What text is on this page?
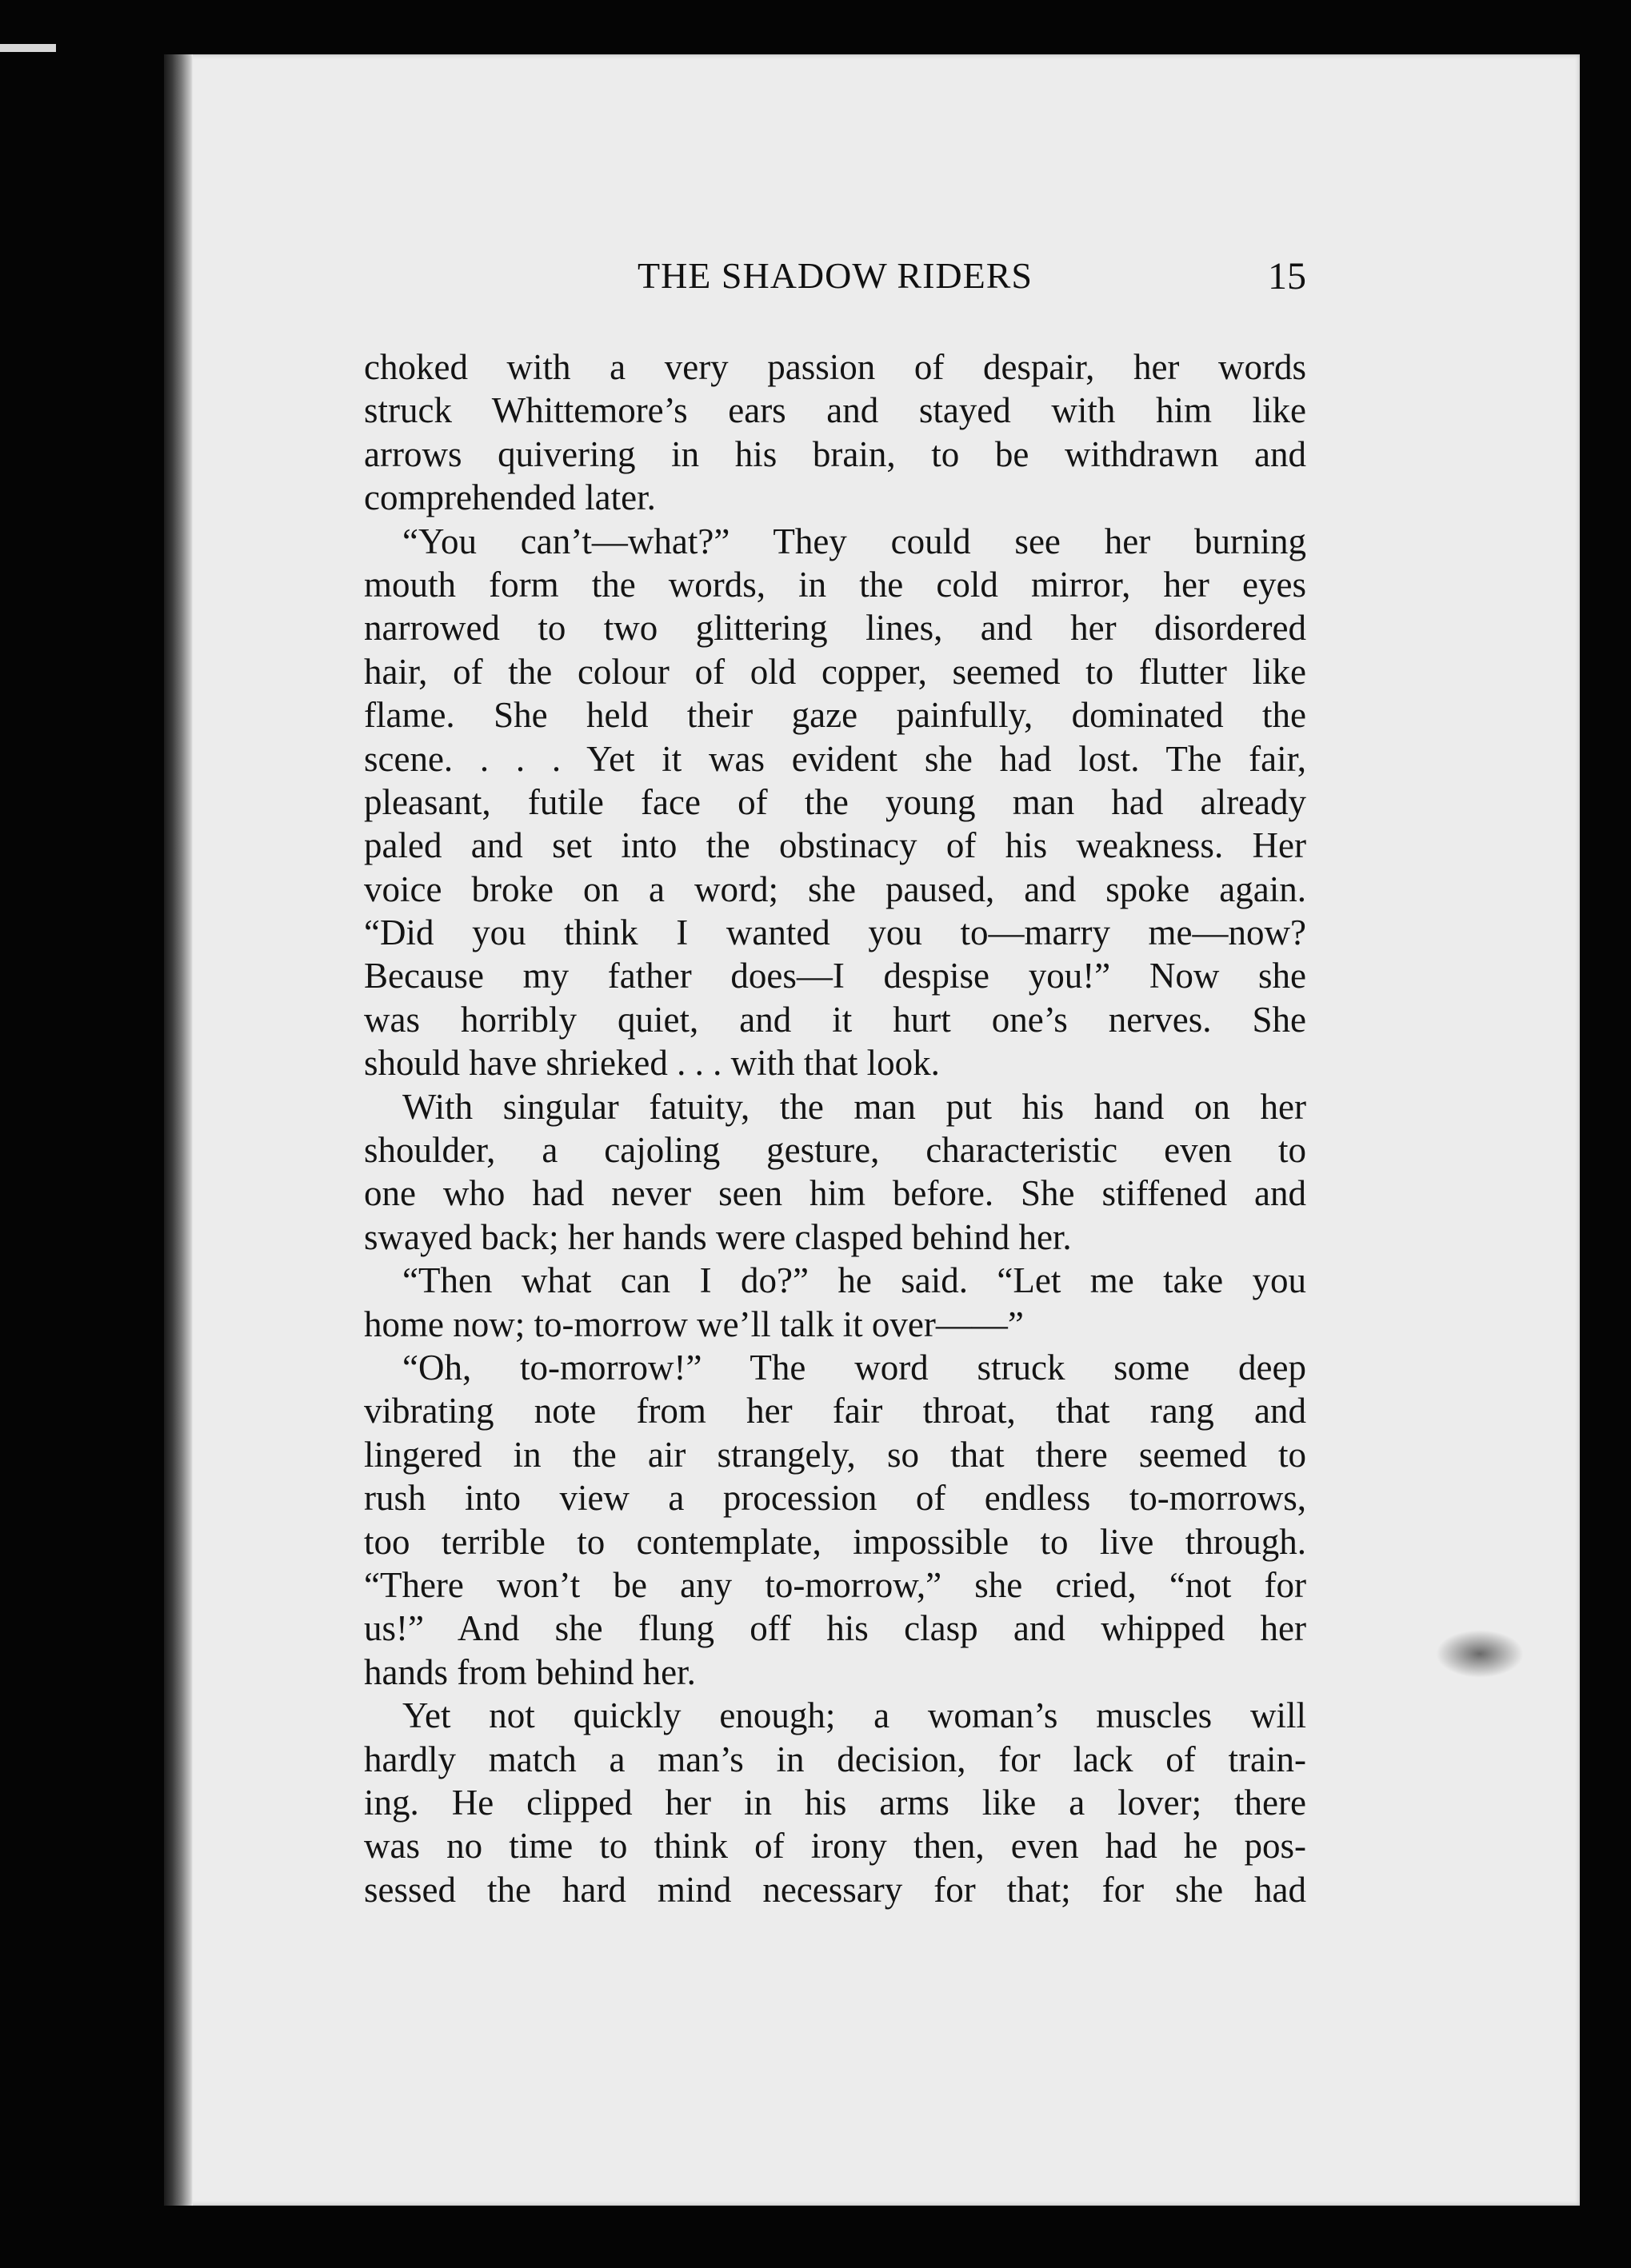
THE SHADOW RIDERS	15
choked with a very passion of despair, her words
struck Whittemore’s ears and stayed with him like
arrows quivering in his brain, to be withdrawn and
comprehended later.
“You can’t—what?” They could see her burning
mouth form the words, in the cold mirror, her eyes
narrowed to two glittering lines, and her disordered
hair, of the colour of old copper, seemed to flutter like
flame. She held their gaze painfully, dominated the
scene. . . . Yet it was evident she had lost. The fair,
pleasant, futile face of the young man had already
paled and set into the obstinacy of his weakness. Her
voice broke on a word; she paused, and spoke again.
“Did you think I wanted you to—marry me—now?
Because my father does—I despise you!” Now she
was horribly quiet, and it hurt one’s nerves. She
should have shrieked . . . with that look.
With singular fatuity, the man put his hand on her
shoulder, a cajoling gesture, characteristic even to
one who had never seen him before. She stiffened and
swayed back; her hands were clasped behind her.
“Then what can I do?” he said. “Let me take you
home now; to-morrow we’ll talk it over——”
“Oh, to-morrow!” The word struck some deep
vibrating note from her fair throat, that rang and
lingered in the air strangely, so that there seemed to
rush into view a procession of endless to-morrows,
too terrible to contemplate, impossible to live through.
“There won’t be any to-morrow,” she cried, “not for
us!” And she flung off his clasp and whipped her
hands from behind her.
Yet not quickly enough; a woman’s muscles will
hardly match a man’s in decision, for lack of train-
ing. He clipped her in his arms like a lover; there
was no time to think of irony then, even had he pos-
sessed the hard mind necessary for that; for she had
